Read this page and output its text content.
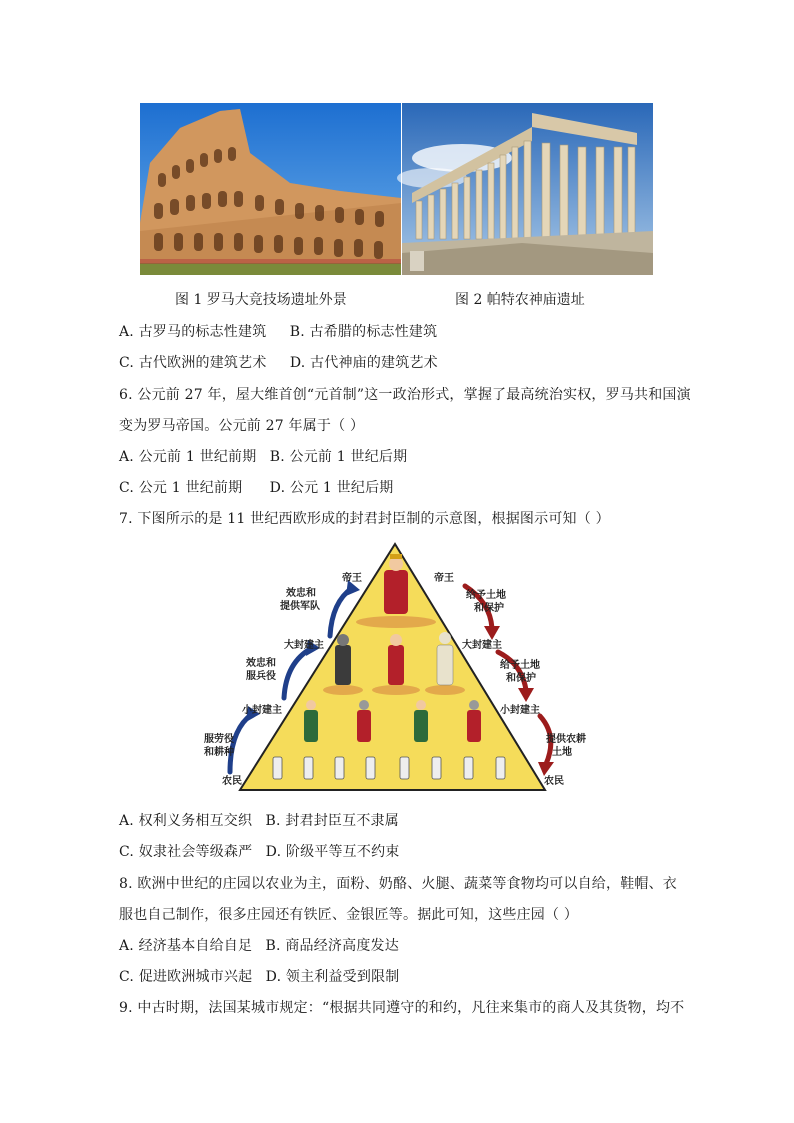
图 1 罗马大竞技场遗址外景	图 2 帕特农神庙遗址
A. 古罗马的标志性建筑 B. 古希腊的标志性建筑
C. 古代欧洲的建筑艺术 D. 古代神庙的建筑艺术
6. 公元前 27 年，屋大维首创“元首制”这一政治形式，掌握了最高统治实权，罗马共和国演
变为罗马帝国。公元前 27 年属于（ ）
A. 公元前 1 世纪前期 B. 公元前 1 世纪后期
C. 公元 1 世纪前期 D. 公元 1 世纪后期
7. 下图所示的是 11 世纪西欧形成的封君封臣制的示意图，根据图示可知（ ）
帝王	帝王
大封建主	大封建主
小封建主	小封建主
农民	农民
效忠和
提供军队
效忠和
服兵役
服劳役
和耕种
给予土地
和保护
给予土地
和保护
提供农耕
土地
A. 权利义务相互交织 B. 封君封臣互不隶属
C. 奴隶社会等级森严 D. 阶级平等互不约束
8. 欧洲中世纪的庄园以农业为主，面粉、奶酪、火腿、蔬菜等食物均可以自给，鞋帽、衣
服也自己制作，很多庄园还有铁匠、金银匠等。据此可知，这些庄园（ ）
A. 经济基本自给自足 B. 商品经济高度发达
C. 促进欧洲城市兴起 D. 领主利益受到限制
9. 中古时期，法国某城市规定：“根据共同遵守的和约，凡往来集市的商人及其货物，均不
